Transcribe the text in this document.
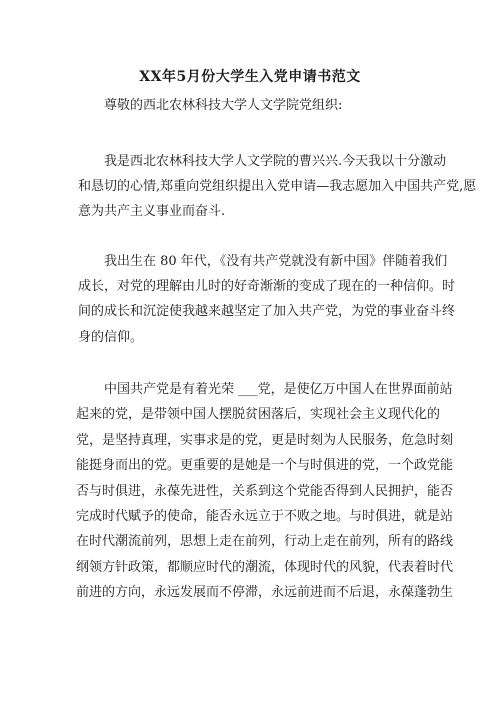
XX年5月份大学生入党申请书范文
尊敬的西北农林科技大学人文学院党组织:
我是西北农林科技大学人文学院的曹兴兴.今天我以十分激动
和恳切的心情,郑重向党组织提出入党申请—我志愿加入中国共产党,愿
意为共产主义事业而奋斗.
我出生在 80 年代，《没有共产党就没有新中国》伴随着我们
成长，对党的理解由儿时的好奇渐渐的变成了现在的一种信仰。时
间的成长和沉淀使我越来越坚定了加入共产党，为党的事业奋斗终
身的信仰。
中国共产党是有着光荣 ___党，是使亿万中国人在世界面前站
起来的党，是带领中国人摆脱贫困落后，实现社会主义现代化的
党，是坚持真理，实事求是的党，更是时刻为人民服务，危急时刻
能挺身而出的党。更重要的是她是一个与时俱进的党，一个政党能
否与时俱进，永葆先进性，关系到这个党能否得到人民拥护，能否
完成时代赋予的使命，能否永远立于不败之地。与时俱进，就是站
在时代潮流前列，思想上走在前列，行动上走在前列，所有的路线
纲领方针政策，都顺应时代的潮流，体现时代的风貌，代表着时代
前进的方向，永远发展而不停滞，永远前进而不后退，永葆蓬勃生
